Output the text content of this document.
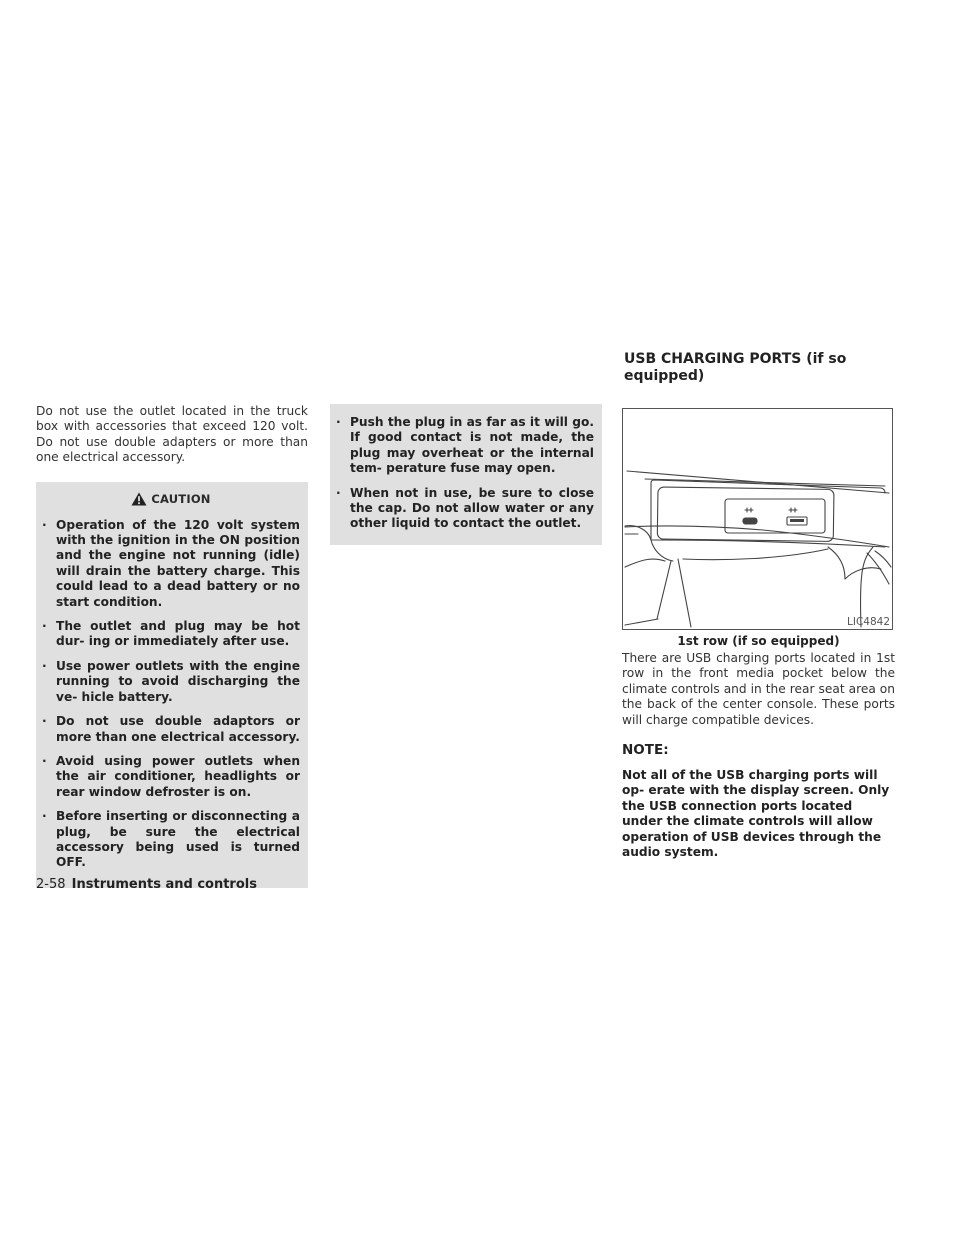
Do not use the outlet located in the truck box with accessories that exceed 120 volt. Do not use double adapters or more than one electrical accessory.

CAUTION
· Operation of the 120 volt system with the ignition in the ON position and the engine not running (idle) will drain the battery charge. This could lead to a dead battery or no start condition.
· The outlet and plug may be hot dur- ing or immediately after use.
· Use power outlets with the engine running to avoid discharging the ve- hicle battery.
· Do not use double adaptors or more than one electrical accessory.
· Avoid using power outlets when the air conditioner, headlights or rear window defroster is on.
· Before inserting or disconnecting a plug, be sure the electrical accessory being used is turned OFF.
· Push the plug in as far as it will go. If good contact is not made, the plug may overheat or the internal tem- perature fuse may open.
· When not in use, be sure to close the cap. Do not allow water or any other liquid to contact the outlet.
USB CHARGING PORTS (if so equipped)
LIC4842
1st row (if so equipped)

There are USB charging ports located in 1st row in the front media pocket below the climate controls and in the rear seat area on the back of the center console. These ports will charge compatible devices.

NOTE:

Not all of the USB charging ports will op- erate with the display screen. Only the USB connection ports located under the climate controls will allow operation of USB devices through the audio system.

2-58 Instruments and controls
